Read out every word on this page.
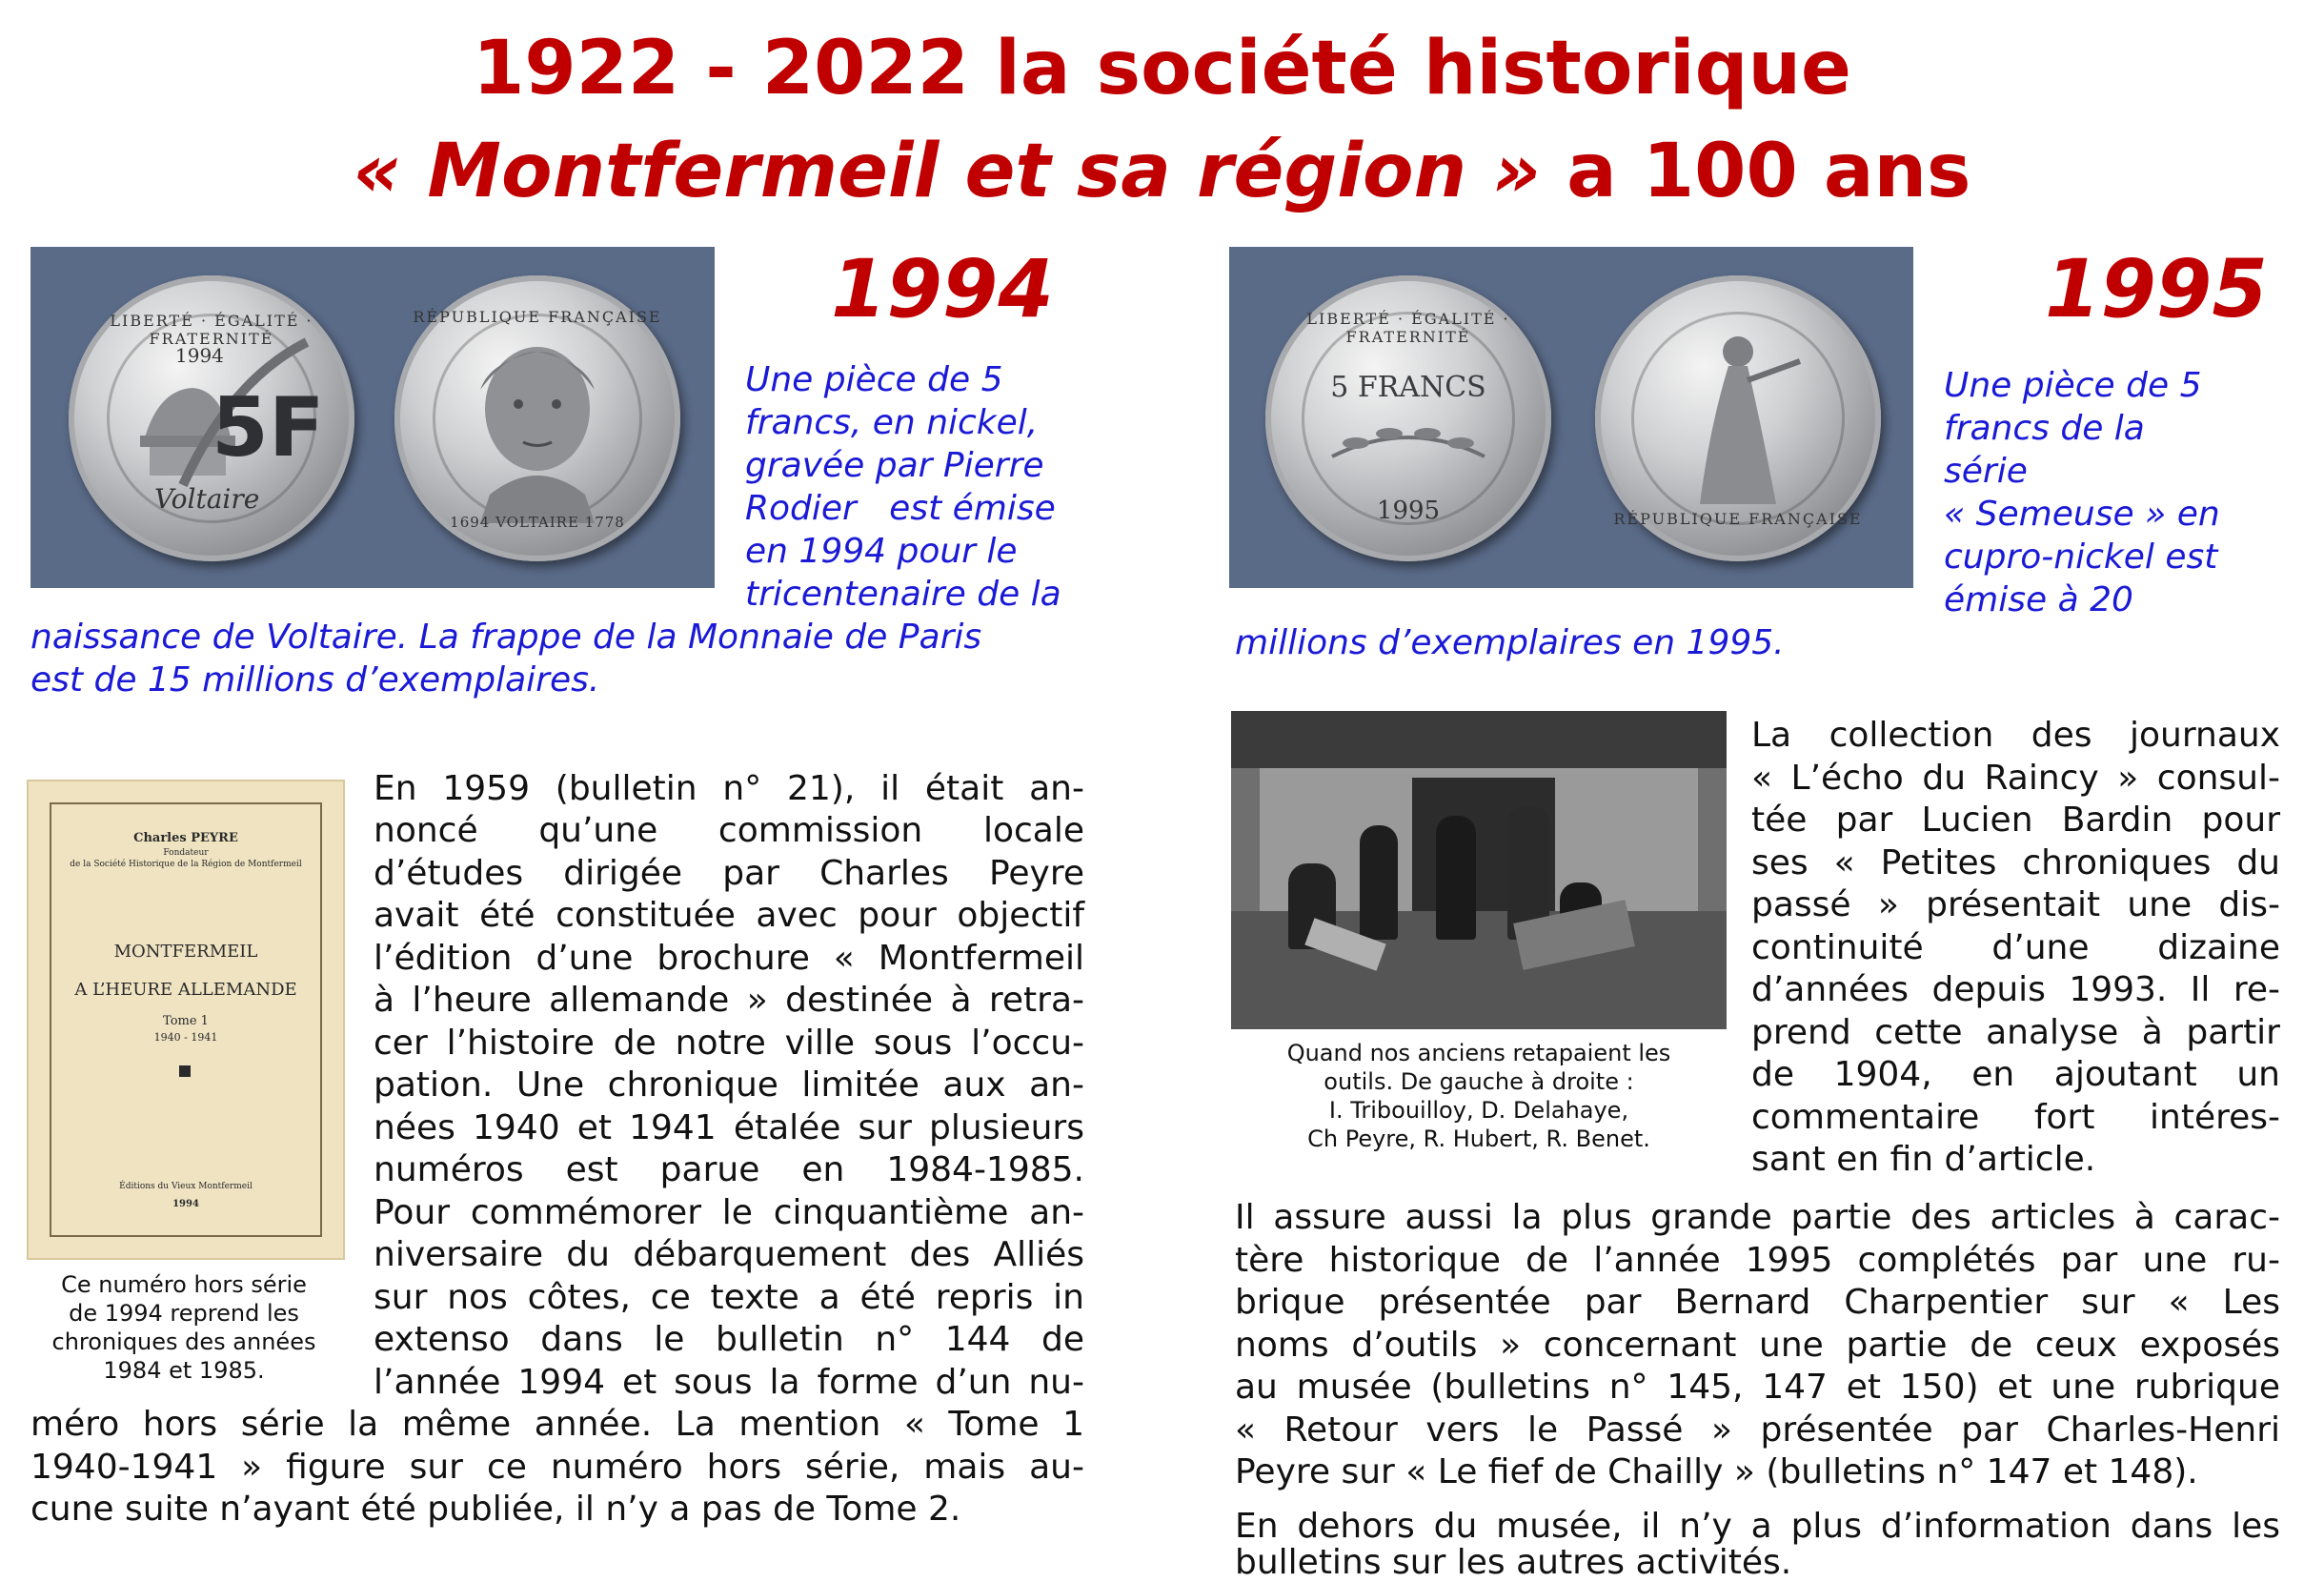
1922 - 2022 la société historique
« Montfermeil et sa région » a 100 ans
1994
LIBERTÉ · ÉGALITÉ · FRATERNITÉ
1994
5F
Voltaire
RÉPUBLIQUE FRANÇAISE
1694 VOLTAIRE 1778

Une pièce de 5

francs, en nickel,

gravée par Pierre

Rodier   est émise

en 1994 pour le

tricentenaire de la

naissance de Voltaire. La frappe de la Monnaie de Paris

est de 15 millions d’exemplaires.

Charles PEYRE
Fondateur
de la Société Historique de la Région de Montfermeil
MONTFERMEIL
A L’HEURE ALLEMANDE
Tome 1
1940 - 1941
Éditions du Vieux Montfermeil
1994

Ce numéro hors série

de 1994 reprend les

chroniques des années

1984 et 1985.

En 1959 (bulletin n° 21), il était an-

noncé qu’une commission locale

d’études dirigée par Charles Peyre

avait été constituée avec pour objectif

l’édition d’une brochure « Montfermeil

à l’heure allemande » destinée à retra-

cer l’histoire de notre ville sous l’occu-

pation. Une chronique limitée aux an-

nées 1940 et 1941 étalée sur plusieurs

numéros est parue en 1984-1985.

Pour commémorer le cinquantième an-

niversaire du débarquement des Alliés

sur nos côtes, ce texte a été repris in

extenso dans le bulletin n° 144 de

l’année 1994 et sous la forme d’un nu-

méro hors série la même année. La mention « Tome 1

1940-1941 » figure sur ce numéro hors série, mais au-

cune suite n’ayant été publiée, il n’y a pas de Tome 2.

1995
LIBERTÉ · ÉGALITÉ · FRATERNITÉ
5 FRANCS
1995	RÉPUBLIQUE FRANÇAISE

Une pièce de 5

francs de la

série

« Semeuse » en

cupro-nickel est

émise à 20

millions d’exemplaires en 1995.

Quand nos anciens retapaient les

outils. De gauche à droite :

I. Tribouilloy, D. Delahaye,

Ch Peyre, R. Hubert, R. Benet.

La collection des journaux

« L’écho du Raincy » consul-

tée par Lucien Bardin pour

ses « Petites chroniques du

passé » présentait une dis-

continuité d’une dizaine

d’années depuis 1993. Il re-

prend cette analyse à partir

de 1904, en ajoutant un

commentaire fort intéres-

sant en fin d’article.

Il assure aussi la plus grande partie des articles à carac-

tère historique de l’année 1995 complétés par une ru-

brique présentée par Bernard Charpentier sur « Les

noms d’outils » concernant une partie de ceux exposés

au musée (bulletins n° 145, 147 et 150) et une rubrique

« Retour vers le Passé » présentée par Charles-Henri

Peyre sur « Le fief de Chailly » (bulletins n° 147 et 148).

En dehors du musée, il n’y a plus d’information dans les

bulletins sur les autres activités.
